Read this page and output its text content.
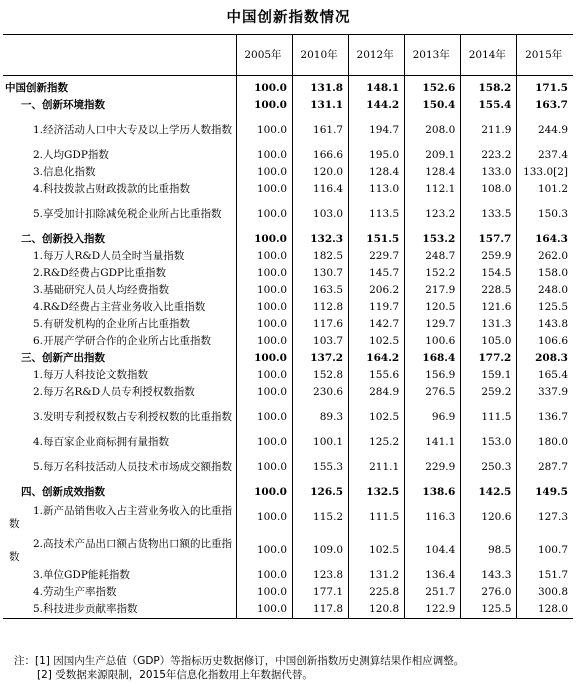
中国创新指数情况
	2005年	2010年	2012年	2013年	2014年	2015年
中国创新指数	100.0	131.8	148.1	152.6	158.2	171.5
一、创新环境指数	100.0	131.1	144.2	150.4	155.4	163.7
1.经济活动人口中大专及以上学历人数指数	100.0	161.7	194.7	208.0	211.9	244.9
2.人均GDP指数	100.0	166.6	195.0	209.1	223.2	237.4
3.信息化指数	100.0	120.0	128.4	128.4	133.0	133.0[2]
4.科技拨款占财政拨款的比重指数	100.0	116.4	113.0	112.1	108.0	101.2
5.享受加计扣除减免税企业所占比重指数	100.0	103.0	113.5	123.2	133.5	150.3
二、创新投入指数	100.0	132.3	151.5	153.2	157.7	164.3
1.每万人R&D人员全时当量指数	100.0	182.5	229.7	248.7	259.9	262.0
2.R&D经费占GDP比重指数	100.0	130.7	145.7	152.2	154.5	158.0
3.基础研究人员人均经费指数	100.0	163.5	206.2	217.9	228.5	248.0
4.R&D经费占主营业务收入比重指数	100.0	112.8	119.7	120.5	121.6	125.5
5.有研发机构的企业所占比重指数	100.0	117.6	142.7	129.7	131.3	143.8
6.开展产学研合作的企业所占比重指数	100.0	103.7	102.5	100.6	105.0	106.6
三、创新产出指数	100.0	137.2	164.2	168.4	177.2	208.3
1.每万人科技论文数指数	100.0	152.8	155.6	156.9	159.1	165.4
2.每万名R&D人员专利授权数指数	100.0	230.6	284.9	276.5	259.2	337.9
3.发明专利授权数占专利授权数的比重指数	100.0	89.3	102.5	96.9	111.5	136.7
4.每百家企业商标拥有量指数	100.0	100.1	125.2	141.1	153.0	180.0
5.每万名科技活动人员技术市场成交额指数	100.0	155.3	211.1	229.9	250.3	287.7
四、创新成效指数	100.0	126.5	132.5	138.6	142.5	149.5
1.新产品销售收入占主营业务收入的比重指数	100.0	115.2	111.5	116.3	120.6	127.3
2.高技术产品出口额占货物出口额的比重指数	100.0	109.0	102.5	104.4	98.5	100.7
3.单位GDP能耗指数	100.0	123.8	131.2	136.4	143.3	151.7
4.劳动生产率指数	100.0	177.1	225.8	251.7	276.0	300.8
5.科技进步贡献率指数	100.0	117.8	120.8	122.9	125.5	128.0
注：[1] 因国内生产总值（GDP）等指标历史数据修订，中国创新指数历史测算结果作相应调整。
[2] 受数据来源限制，2015年信息化指数用上年数据代替。
